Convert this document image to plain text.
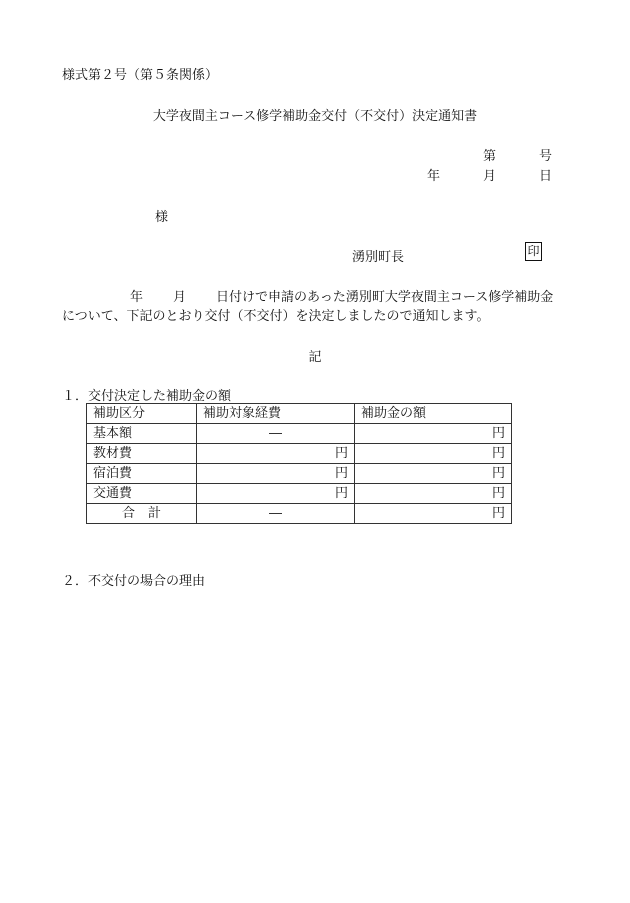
様式第２号（第５条関係）
大学夜間主コース修学補助金交付（不交付）決定通知書
第	号
年	月	日
様
湧別町長	印
年 月 日付けで申請のあった湧別町大学夜間主コース修学補助金
について、下記のとおり交付（不交付）を決定しましたので通知します。
記
１．交付決定した補助金の額
補助区分	補助対象経費	補助金の額
基本額	―	円
教材費	円	円
宿泊費	円	円
交通費	円	円
合　計	―	円
２．不交付の場合の理由
